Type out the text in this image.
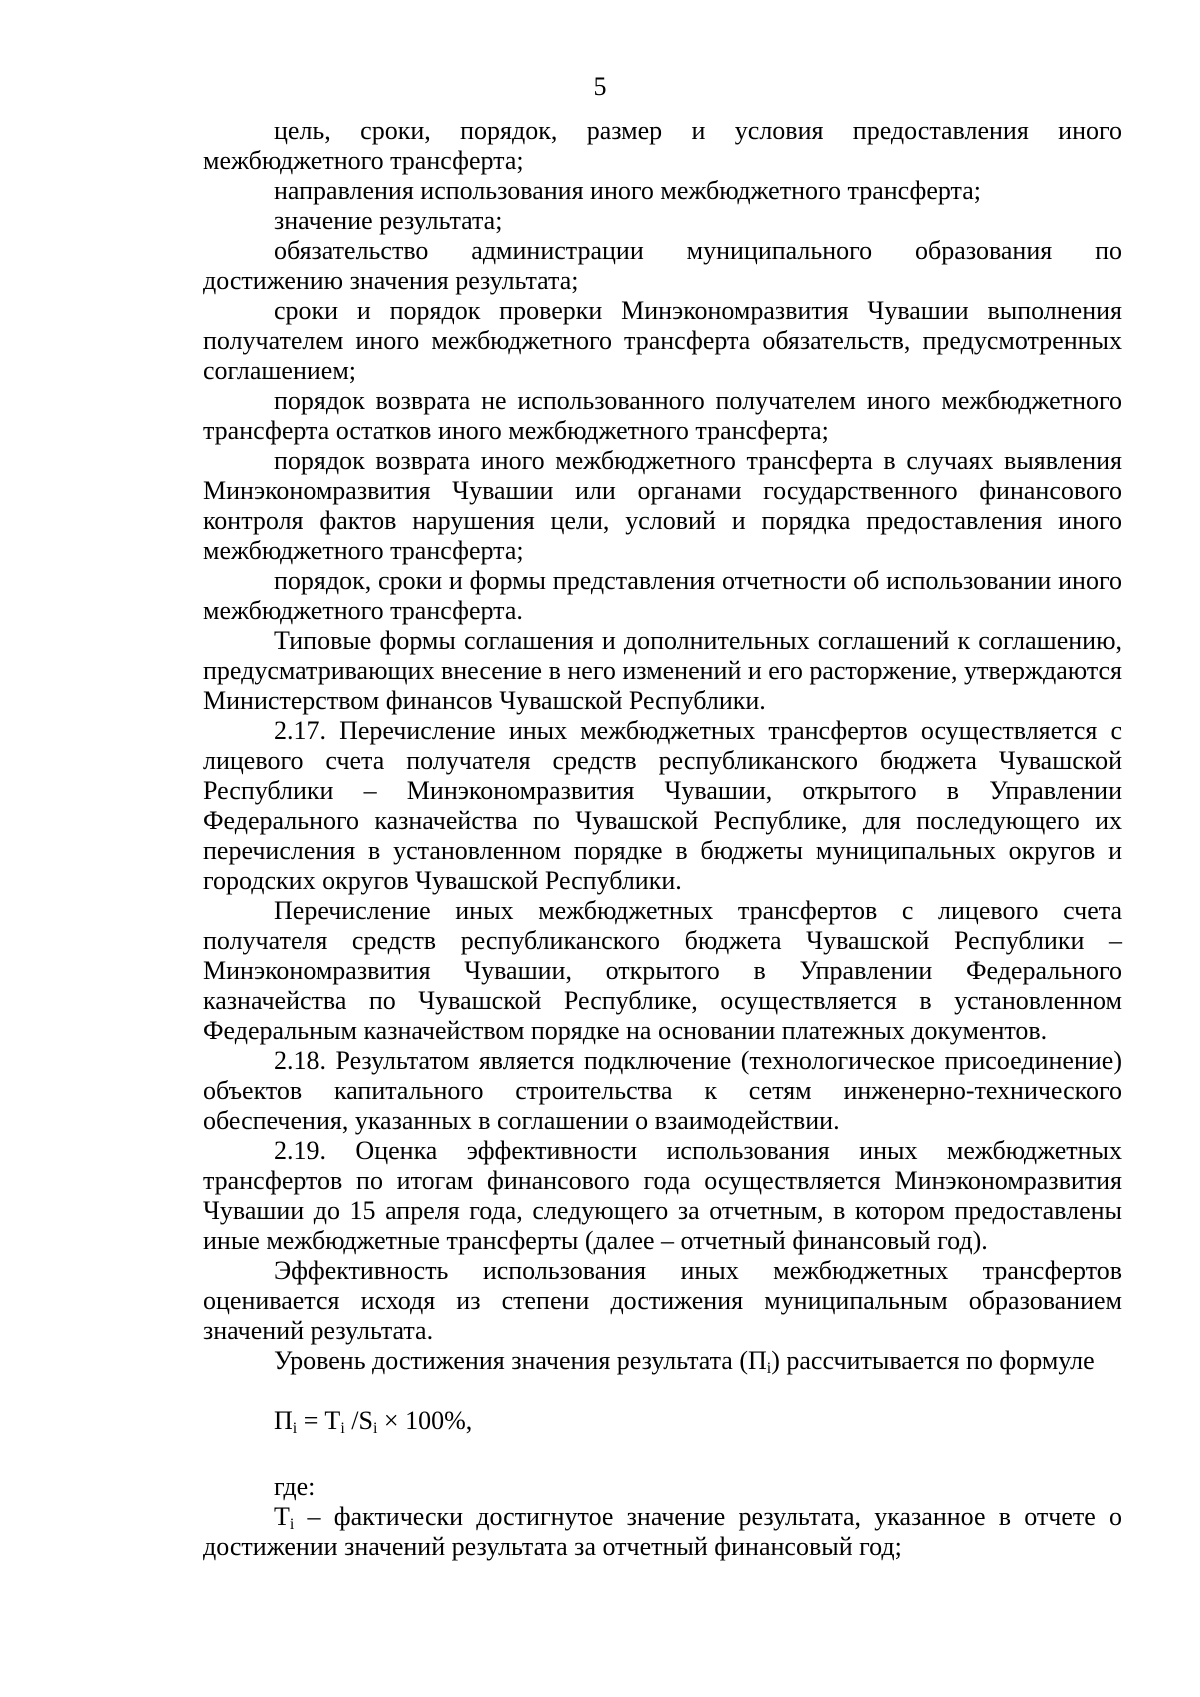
5

цель, сроки, порядок, размер и условия предоставления иного межбюджетного трансферта;

направления использования иного межбюджетного трансферта;

значение результата;

обязательство администрации муниципального образования по достижению значения результата;

сроки и порядок проверки Минэкономразвития Чувашии выполнения получателем иного межбюджетного трансферта обязательств, предусмотренных соглашением;

порядок возврата не использованного получателем иного межбюджетного трансферта остатков иного межбюджетного трансферта;

порядок возврата иного межбюджетного трансферта в случаях выявления Минэкономразвития Чувашии или органами государственного финансового контроля фактов нарушения цели, условий и порядка предоставления иного межбюджетного трансферта;

порядок, сроки и формы представления отчетности об использовании иного межбюджетного трансферта.

Типовые формы соглашения и дополнительных соглашений к соглашению, предусматривающих внесение в него изменений и его расторжение, утверждаются Министерством финансов Чувашской Республики.

2.17. Перечисление иных межбюджетных трансфертов осуществляется с лицевого счета получателя средств республиканского бюджета Чувашской Республики – Минэкономразвития Чувашии, открытого в Управлении Федерального казначейства по Чувашской Республике, для последующего их перечисления в установленном порядке в бюджеты муниципальных округов и городских округов Чувашской Республики.

Перечисление иных межбюджетных трансфертов с лицевого счета получателя средств республиканского бюджета Чувашской Республики – Минэкономразвития Чувашии, открытого в Управлении Федерального казначейства по Чувашской Республике, осуществляется в установленном Федеральным казначейством порядке на основании платежных документов.

2.18. Результатом является подключение (технологическое присоединение) объектов капитального строительства к сетям инженерно-технического обеспечения, указанных в соглашении о взаимодействии.

2.19. Оценка эффективности использования иных межбюджетных трансфертов по итогам финансового года осуществляется Минэкономразвития Чувашии до 15 апреля года, следующего за отчетным, в котором предоставлены иные межбюджетные трансферты (далее – отчетный финансовый год).

Эффективность использования иных межбюджетных трансфертов оценивается исходя из степени достижения муниципальным образованием значений результата.

Уровень достижения значения результата $(П_i)$ рассчитывается по формуле

$П_i = T_i$ $/S_i \times 100\%$,

где:

$T_i$ – фактически достигнутое значение результата, указанное в отчете о достижении значений результата за отчетный финансовый год;
